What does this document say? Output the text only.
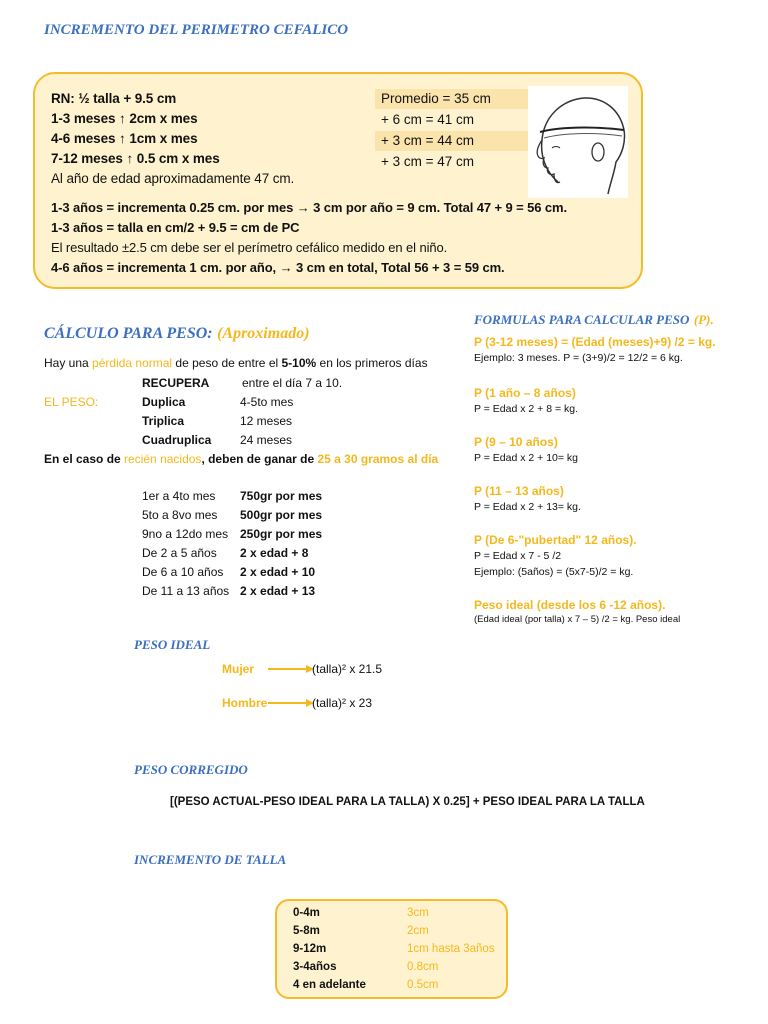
INCREMENTO DEL PERIMETRO CEFALICO
RN: ½ talla + 9.5 cm
1-3 meses ↑ 2cm x mes
4-6 meses ↑ 1cm x mes
7-12 meses ↑ 0.5 cm x mes
Al año de edad aproximadamente 47 cm.
1-3 años = incrementa 0.25 cm. por mes → 3 cm por año = 9 cm. Total 47 + 9 = 56 cm.
1-3 años = talla en cm/2 + 9.5 = cm de PC
El resultado ±2.5 cm debe ser el perímetro cefálico medido en el niño.
4-6 años = incrementa 1 cm. por año, → 3 cm en total, Total 56 + 3 = 59 cm.
Promedio = 35 cm
+ 6 cm = 41 cm
+ 3 cm = 44 cm
+ 3 cm = 47 cm
CÁLCULO PARA PESO: (Aproximado)
Hay una pérdida normal de peso de entre el 5-10% en los primeros días
RECUPERA	entre el día 7 a 10.
EL PESO:	Duplica	4-5to mes
Triplica	12 meses
Cuadruplica 24 meses
En el caso de recién nacidos, deben de ganar de 25 a 30 gramos al día
1er a 4to mes 750gr por mes
5to a 8vo mes 500gr por mes
9no a 12do mes 250gr por mes
De 2 a 5 años 2 x edad + 8
De 6 a 10 años 2 x edad + 10
De 11 a 13 años 2 x edad + 13
FORMULAS PARA CALCULAR PESO (P).
P (3-12 meses) = (Edad (meses)+9) /2 = kg.
Ejemplo: 3 meses. P = (3+9)/2 = 12/2 = 6 kg.
P (1 año – 8 años)
P = Edad x 2 + 8 = kg.
P (9 – 10 años)
P = Edad x 2 + 10= kg
P (11 – 13 años)
P = Edad x 2 + 13= kg.
P (De 6-"pubertad" 12 años).
P = Edad x 7 - 5 /2
Ejemplo: (5años) = (5x7-5)/2 = kg.
Peso ideal (desde los 6 -12 años).
(Edad ideal (por talla) x 7 – 5) /2 = kg. Peso ideal
PESO IDEAL
Mujer	(talla)² x 21.5
Hombre	(talla)² x 23
PESO CORREGIDO
[(PESO ACTUAL-PESO IDEAL PARA LA TALLA) X 0.25] + PESO IDEAL PARA LA TALLA
INCREMENTO DE TALLA
0-4m	3cm
5-8m	2cm
9-12m	1cm hasta 3años
3-4años	0.8cm
4 en adelante	0.5cm
